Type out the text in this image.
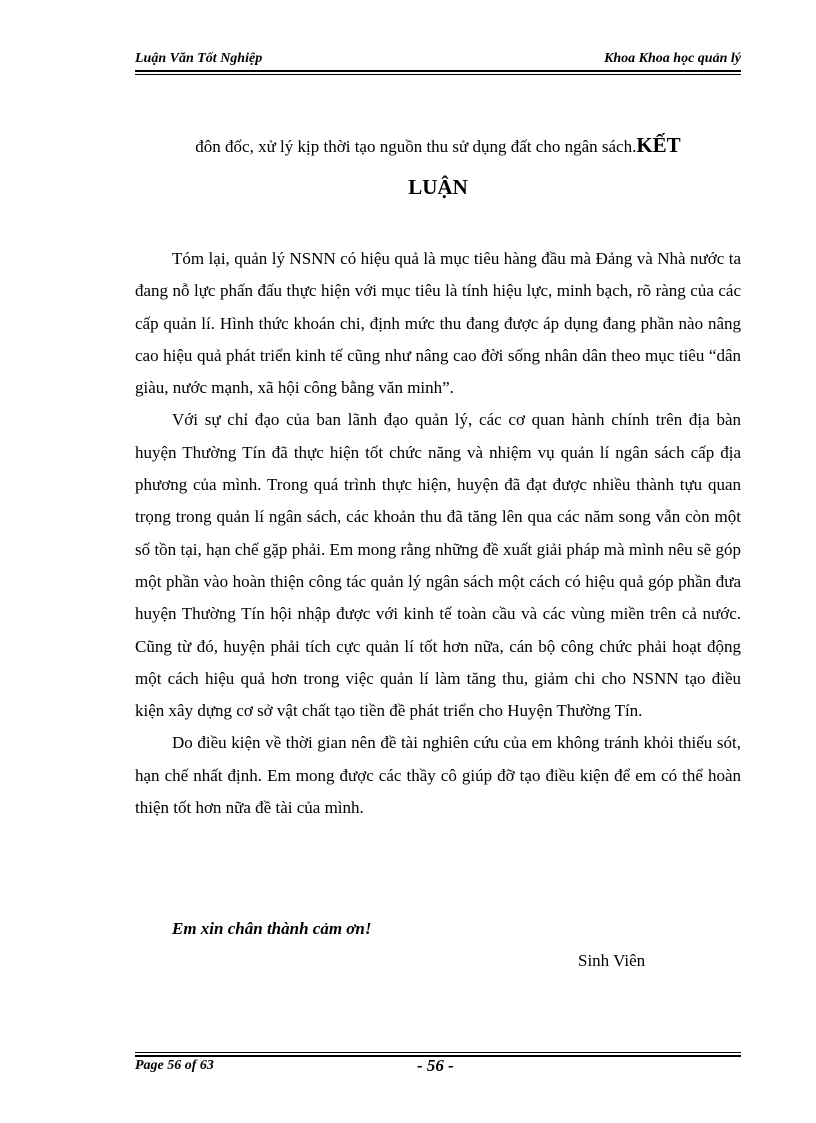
Luận Văn Tốt Nghiệp	Khoa Khoa học quản lý
đôn đốc, xử lý kịp thời tạo nguồn thu sử dụng đất cho ngân sách.KẾT
LUẬN

Tóm lại, quản lý NSNN có hiệu quả là mục tiêu hàng đầu mà Đảng và Nhà nước ta đang nỗ lực phấn đấu thực hiện với mục tiêu là tính hiệu lực, minh bạch, rõ ràng của các cấp quản lí. Hình thức khoán chi, định mức thu đang được áp dụng đang phần nào nâng cao hiệu quả phát triển kinh tế cũng như nâng cao đời sống nhân dân theo mục tiêu “dân giàu, nước mạnh, xã hội công bằng văn minh”.

Với sự chỉ đạo của ban lãnh đạo quản lý, các cơ quan hành chính trên địa bàn huyện Thường Tín đã thực hiện tốt chức năng và nhiệm vụ quản lí ngân sách cấp địa phương của mình. Trong quá trình thực hiện, huyện đã đạt được nhiều thành tựu quan trọng trong quản lí ngân sách, các khoản thu đã tăng lên qua các năm song vẫn còn một số tồn tại, hạn chế gặp phải. Em mong rằng những đề xuất giải pháp mà mình nêu sẽ góp một phần vào hoàn thiện công tác quản lý ngân sách một cách có hiệu quả góp phần đưa huyện Thường Tín hội nhập được với kinh tế toàn cầu và các vùng miền trên cả nước. Cũng từ đó, huyện phải tích cực quản lí tốt hơn nữa, cán bộ công chức phải hoạt động một cách hiệu quả hơn trong việc quản lí làm tăng thu, giảm chi cho NSNN tạo điều kiện xây dựng cơ sở vật chất tạo tiền đề phát triển cho Huyện Thường Tín.

Do điều kiện về thời gian nên đề tài nghiên cứu của em không tránh khỏi thiếu sót, hạn chế nhất định. Em mong được các thầy cô giúp đỡ tạo điều kiện để em có thể hoàn thiện tốt hơn nữa đề tài của mình.

Em xin chân thành cảm ơn!
Sinh Viên
Page 56 of 63	- 56 -
